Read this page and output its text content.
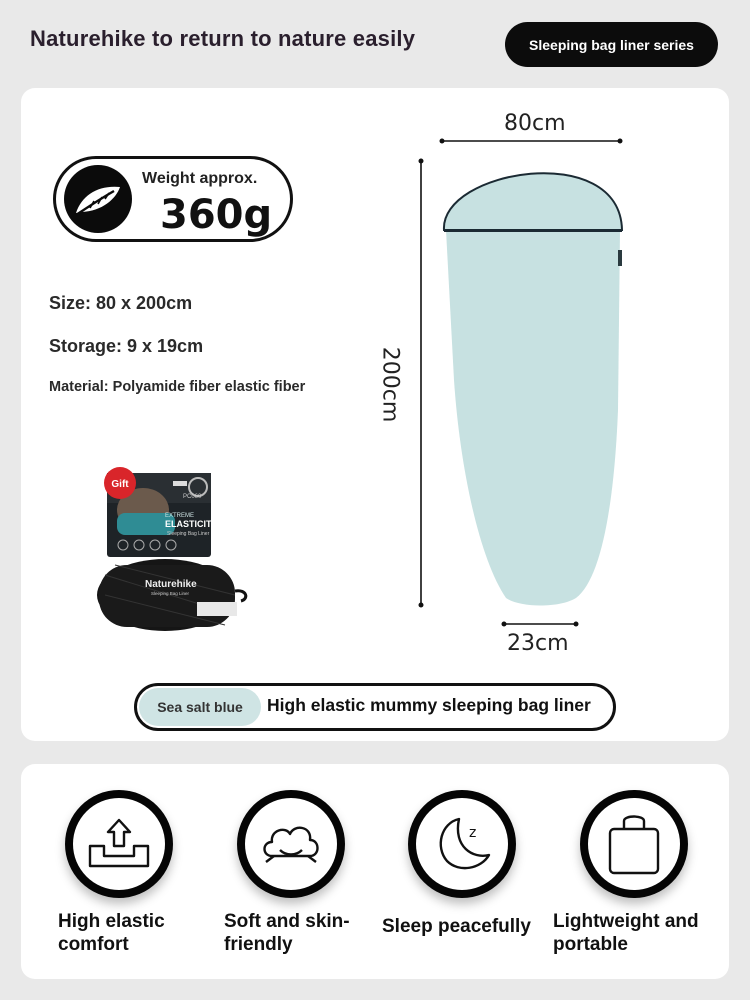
Naturehike to return to nature easily	Sleeping bag liner series
Weight approx.
360g
Size: 80 x 200cm
Storage: 9 x 19cm
Material: Polyamide fiber elastic fiber
Gift
EXTREME
ELASTICITY
Sleeping Bag Liner
PC060
Naturehike
Sleeping Bag Liner
80cm
200cm
23cm
Sea salt blue	High elastic mummy sleeping bag liner
High elastic
comfort
Soft and skin-
friendly
z
Sleep peacefully Lightweight and
portable
